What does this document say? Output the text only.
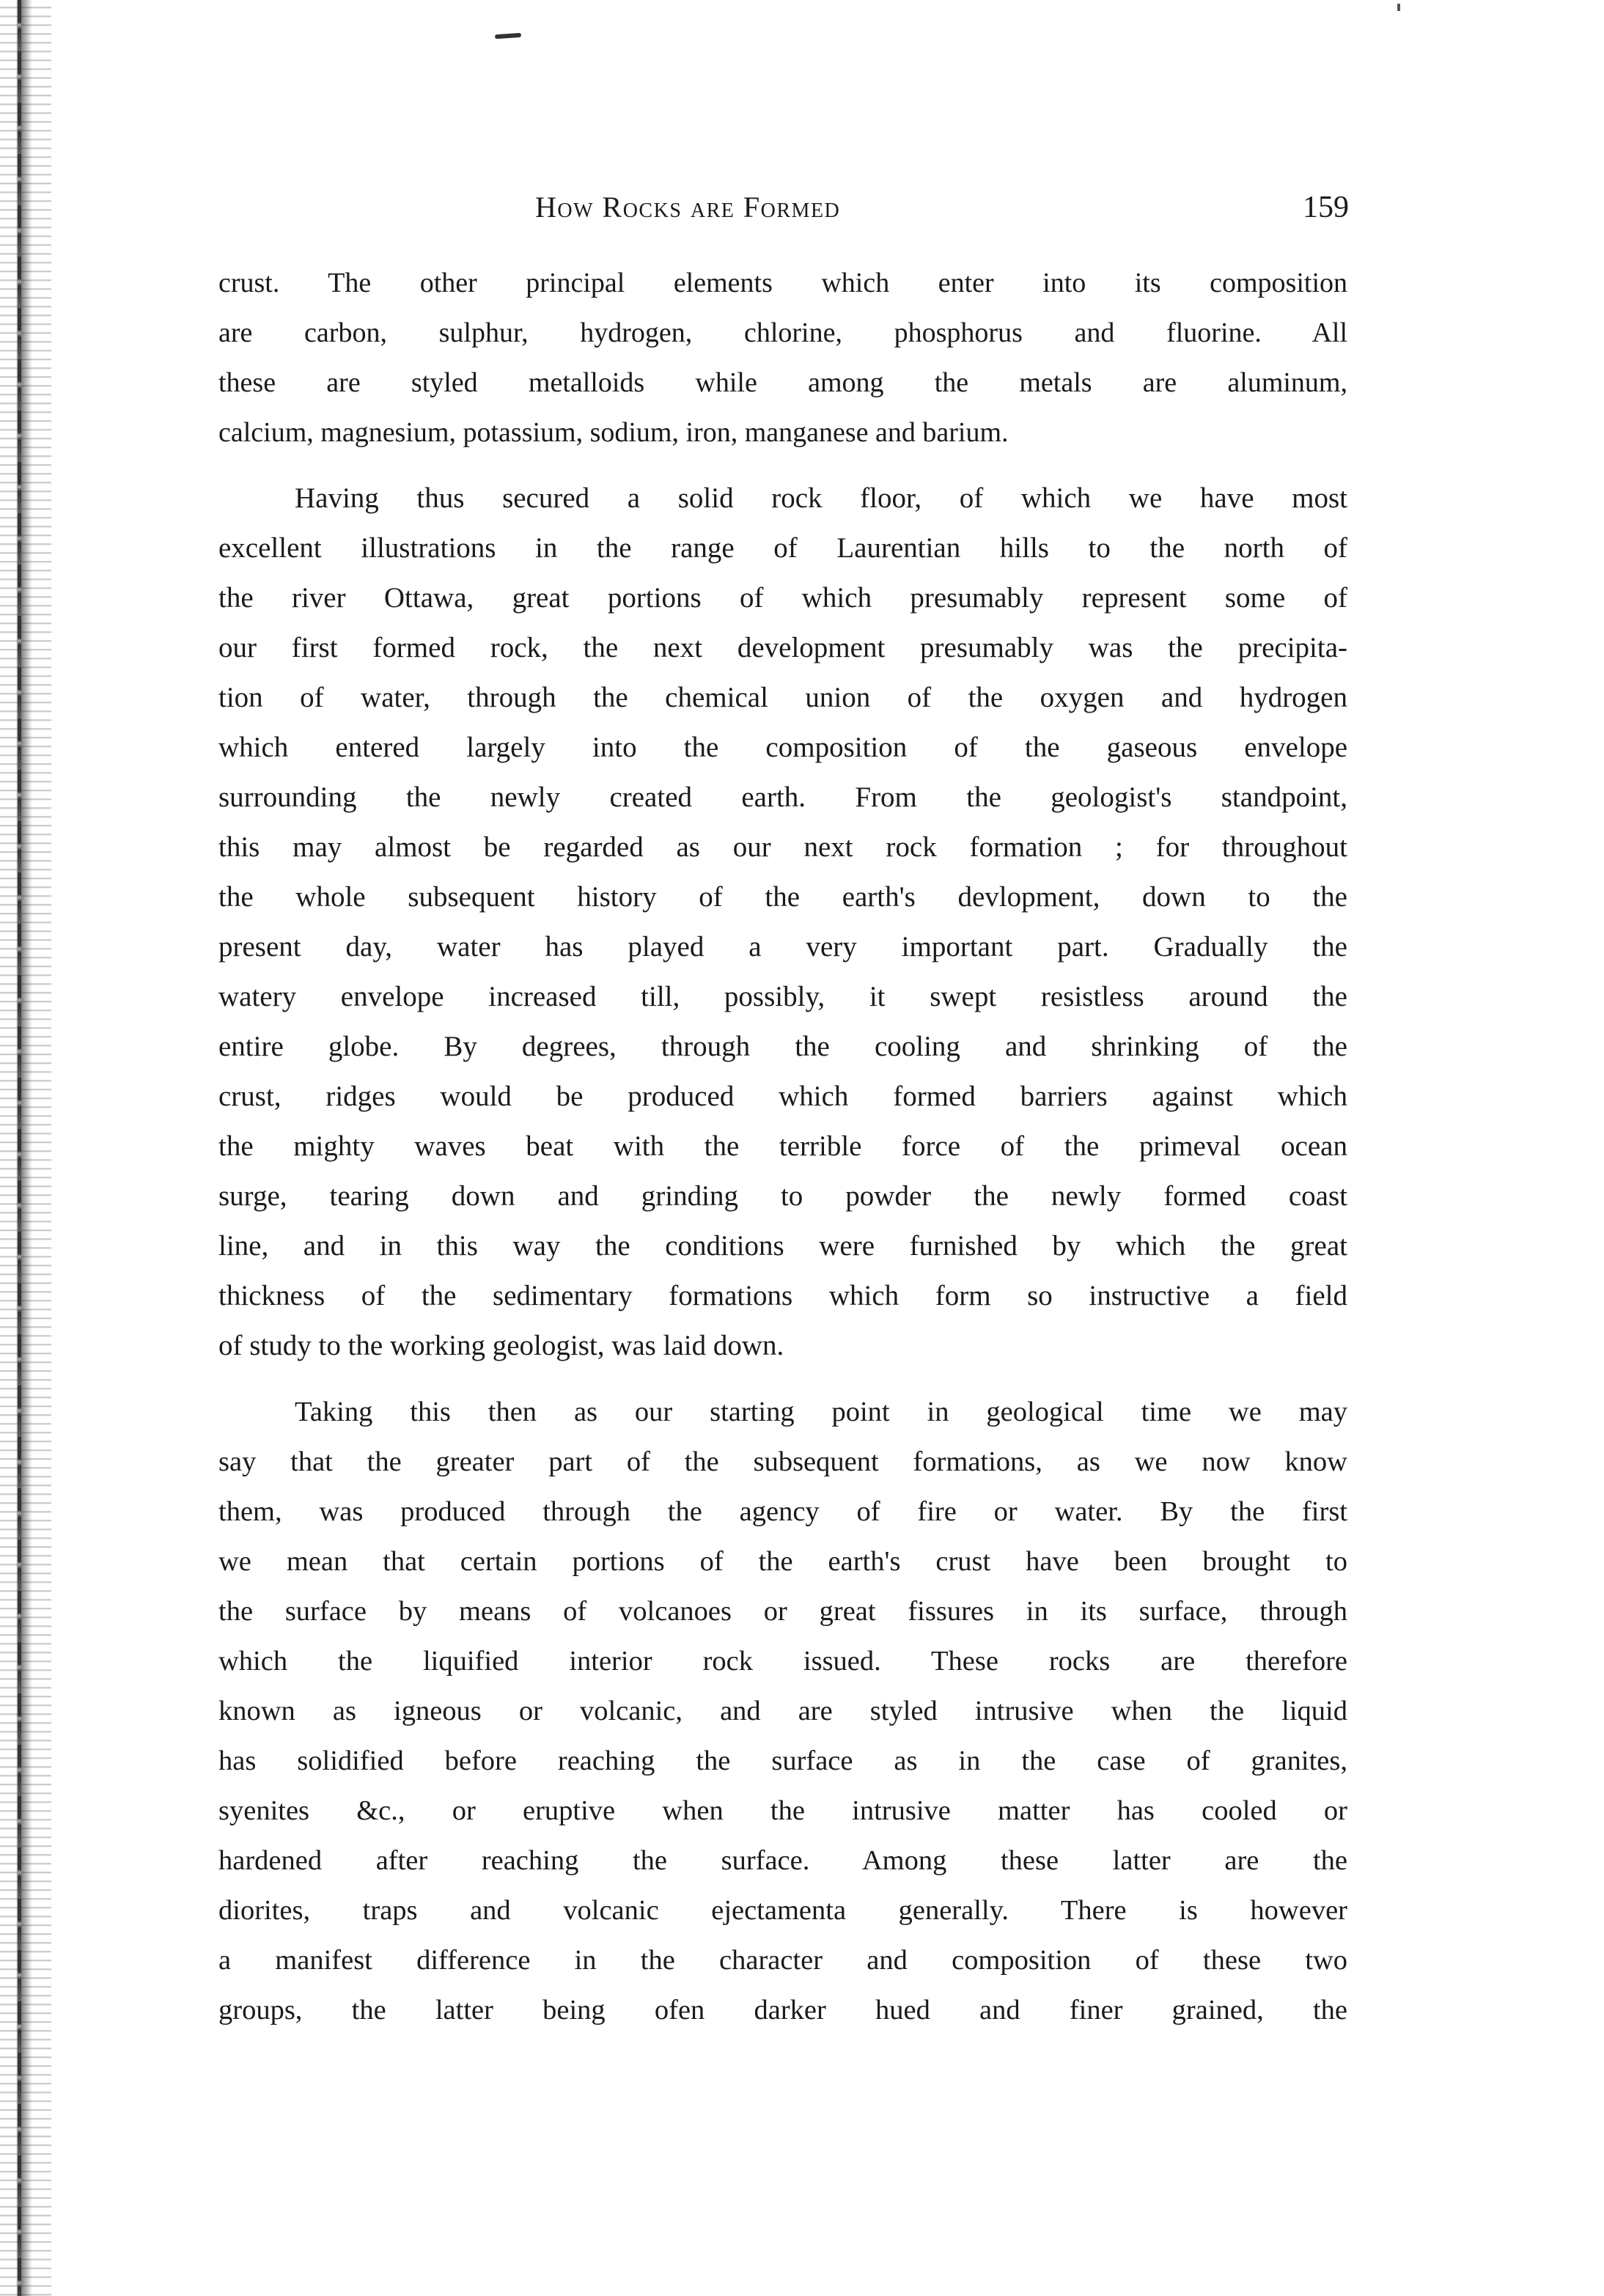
How Rocks are Formed	159
crust. The other principal elements which enter into its composition
are carbon, sulphur, hydrogen, chlorine, phosphorus and fluorine. All
these are styled metalloids while among the metals are aluminum,
calcium, magnesium, potassium, sodium, iron, manganese and barium.
Having thus secured a solid rock floor, of which we have most
excellent illustrations in the range of Laurentian hills to the north of
the river Ottawa, great portions of which presumably represent some of
our first formed rock, the next development presumably was the precipita-
tion of water, through the chemical union of the oxygen and hydrogen
which entered largely into the composition of the gaseous envelope
surrounding the newly created earth. From the geologist's standpoint,
this may almost be regarded as our next rock formation ; for throughout
the whole subsequent history of the earth's devlopment, down to the
present day, water has played a very important part. Gradually the
watery envelope increased till, possibly, it swept resistless around the
entire globe. By degrees, through the cooling and shrinking of the
crust, ridges would be produced which formed barriers against which
the mighty waves beat with the terrible force of the primeval ocean
surge, tearing down and grinding to powder the newly formed coast
line, and in this way the conditions were furnished by which the great
thickness of the sedimentary formations which form so instructive a field
of study to the working geologist, was laid down.
Taking this then as our starting point in geological time we may
say that the greater part of the subsequent formations, as we now know
them, was produced through the agency of fire or water. By the first
we mean that certain portions of the earth's crust have been brought to
the surface by means of volcanoes or great fissures in its surface, through
which the liquified interior rock issued. These rocks are therefore
known as igneous or volcanic, and are styled intrusive when the liquid
has solidified before reaching the surface as in the case of granites,
syenites &c., or eruptive when the intrusive matter has cooled or
hardened after reaching the surface. Among these latter are the
diorites, traps and volcanic ejectamenta generally. There is however
a manifest difference in the character and composition of these two
groups, the latter being ofen darker hued and finer grained, the
